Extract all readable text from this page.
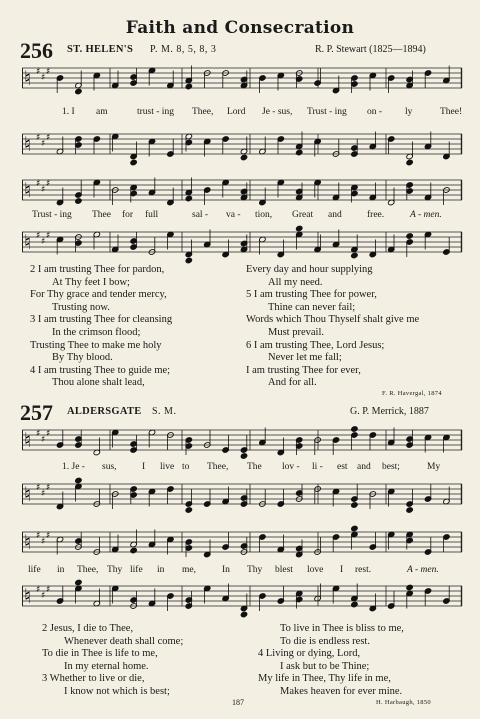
Faith and Consecration
256 ST. HELEN'S P. M. 8, 5, 8, 3	R. P. Stewart (1825—1894)
♮ ♯
♯
♯
1. I am	trust - ing Thee, Lord Je - sus, Trust - ing on - ly	Thee!
♮ ♯
♯
♯
♮ ♯
♯
♯
Trust - ing Thee for full	sal - va - tion, Great and	free.	A - men.
♮ ♯
♯
♯
2 I am trusting Thee for pardon,
At Thy feet I bow;
For Thy grace and tender mercy,
Trusting now.
3 I am trusting Thee for cleansing
In the crimson flood;
Trusting Thee to make me holy
By Thy blood.
4 I am trusting Thee to guide me;
Thou alone shalt lead,
Every day and hour supplying
All my need.
5 I am trusting Thee for power,
Thine can never fail;
Words which Thou Thyself shalt give me
Must prevail.
6 I am trusting Thee, Lord Jesus;
Never let me fall;
I am trusting Thee for ever,
And for all.
F. R. Havergal, 1874
257 ALDERSGATE S. M.	G. P. Merrick, 1887
♮ ♯
♯
♯
1. Je - sus,	I live to Thee, The lov - li - est and best;	My
♮ ♯
♯
♯
♮ ♯
♯
♯
life in Thee, Thy life in me,	In Thy blest love I rest.	A - men.
♮ ♯
♯
♯
2 Jesus, I die to Thee,
Whenever death shall come;
To die in Thee is life to me,
In my eternal home.
3 Whether to live or die,
I know not which is best;
To live in Thee is bliss to me,
To die is endless rest.
4 Living or dying, Lord,
I ask but to be Thine;
My life in Thee, Thy life in me,
Makes heaven for ever mine.
187	H. Harbaugh, 1850
